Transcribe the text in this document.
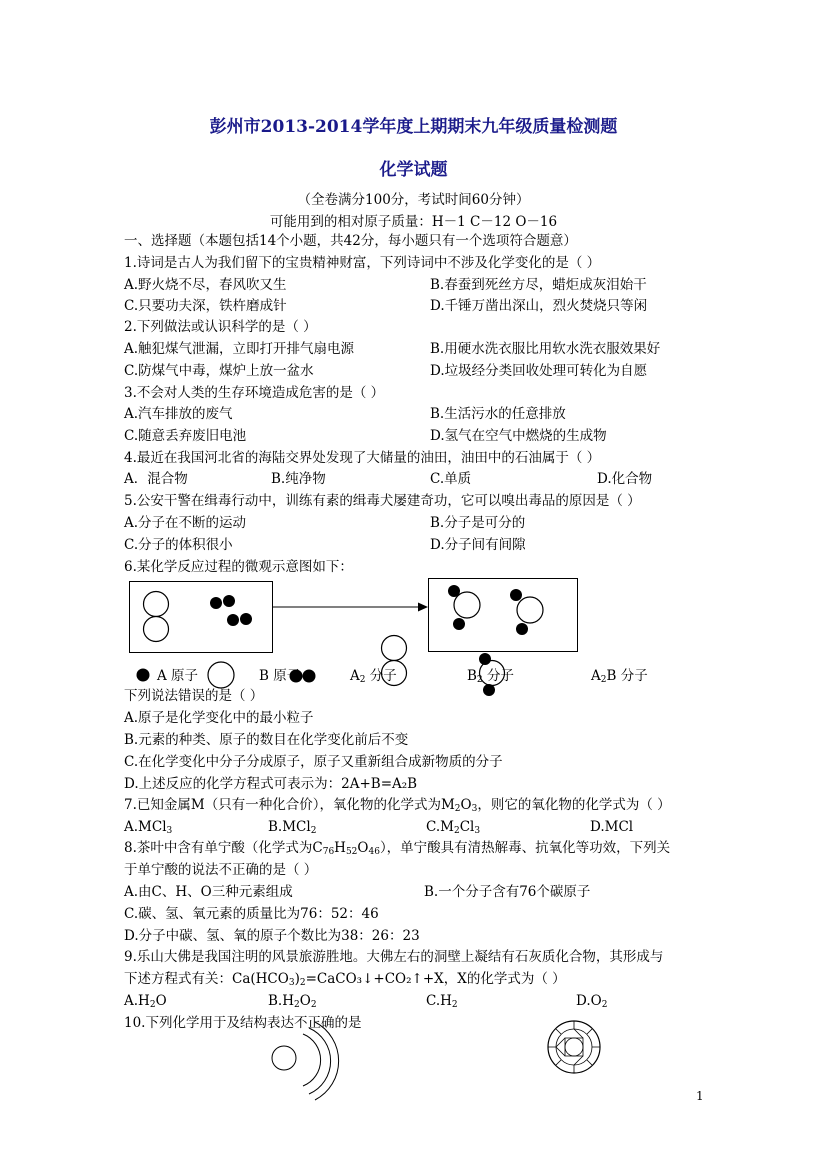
彭州市2013-2014学年度上期期末九年级质量检测题
化学试题
（全卷满分100分，考试时间60分钟）
可能用到的相对原子质量：H－1 C－12 O－16
一、选择题（本题包括14个小题，共42分，每小题只有一个选项符合题意）
1.诗词是古人为我们留下的宝贵精神财富，下列诗词中不涉及化学变化的是（ ）
A.野火烧不尽，春风吹又生	B.春蚕到死丝方尽，蜡炬成灰泪始干
C.只要功夫深，铁杵磨成针	D.千锤万凿出深山，烈火焚烧只等闲
2.下列做法或认识科学的是（ ）
A.触犯煤气泄漏，立即打开排气扇电源	B.用硬水洗衣服比用软水洗衣服效果好
C.防煤气中毒，煤炉上放一盆水	D.垃圾经分类回收处理可转化为自愿
3.不会对人类的生存环境造成危害的是（ ）
A.汽车排放的废气	B.生活污水的任意排放
C.随意丢弃废旧电池	D.氢气在空气中燃烧的生成物
4.最近在我国河北省的海陆交界处发现了大储量的油田，油田中的石油属于（ ）
A．混合物	B.纯净物	C.单质	D.化合物
5.公安干警在缉毒行动中，训练有素的缉毒犬屡建奇功，它可以嗅出毒品的原因是（ ）
A.分子在不断的运动	B.分子是可分的
C.分子的体积很小	D.分子间有间隙
6.某化学反应过程的微观示意图如下：
A 原子	B 原子	$A_2$ 分子	$B_2$ 分子	$A_2B$ 分子
下列说法错误的是（ ）
A.原子是化学变化中的最小粒子
B.元素的种类、原子的数目在化学变化前后不变
C.在化学变化中分子分成原子，原子又重新组合成新物质的分子
D.上述反应的化学方程式可表示为：2A+B=A₂B
7.已知金属M（只有一种化合价），氧化物的化学式为$M_2O_3$，则它的氧化物的化学式为（ ）
A.MCl$_3$	B.MCl$_2$	$C.M_2Cl_3$	D.MCl
8.茶叶中含有单宁酸（化学式为$C_{76}H_{52}O_{46}$），单宁酸具有清热解毒、抗氧化等功效，下列关
于单宁酸的说法不正确的是（ ）
A.由C、H、O三种元素组成	B.一个分子含有76个碳原子
C.碳、氢、氧元素的质量比为76：52：46
D.分子中碳、氢、氧的原子个数比为38：26：23
9.乐山大佛是我国注明的风景旅游胜地。大佛左右的洞壁上凝结有石灰质化合物，其形成与
下述方程式有关：$Ca(HCO_3)_2=CaCO_3↓+CO_2↑+X$，X的化学式为（ ）
$A.H_2O$	$B.H_2O_2$	$C.H_2$	$D.O_2$
10.下列化学用于及结构表达不正确的是
1
